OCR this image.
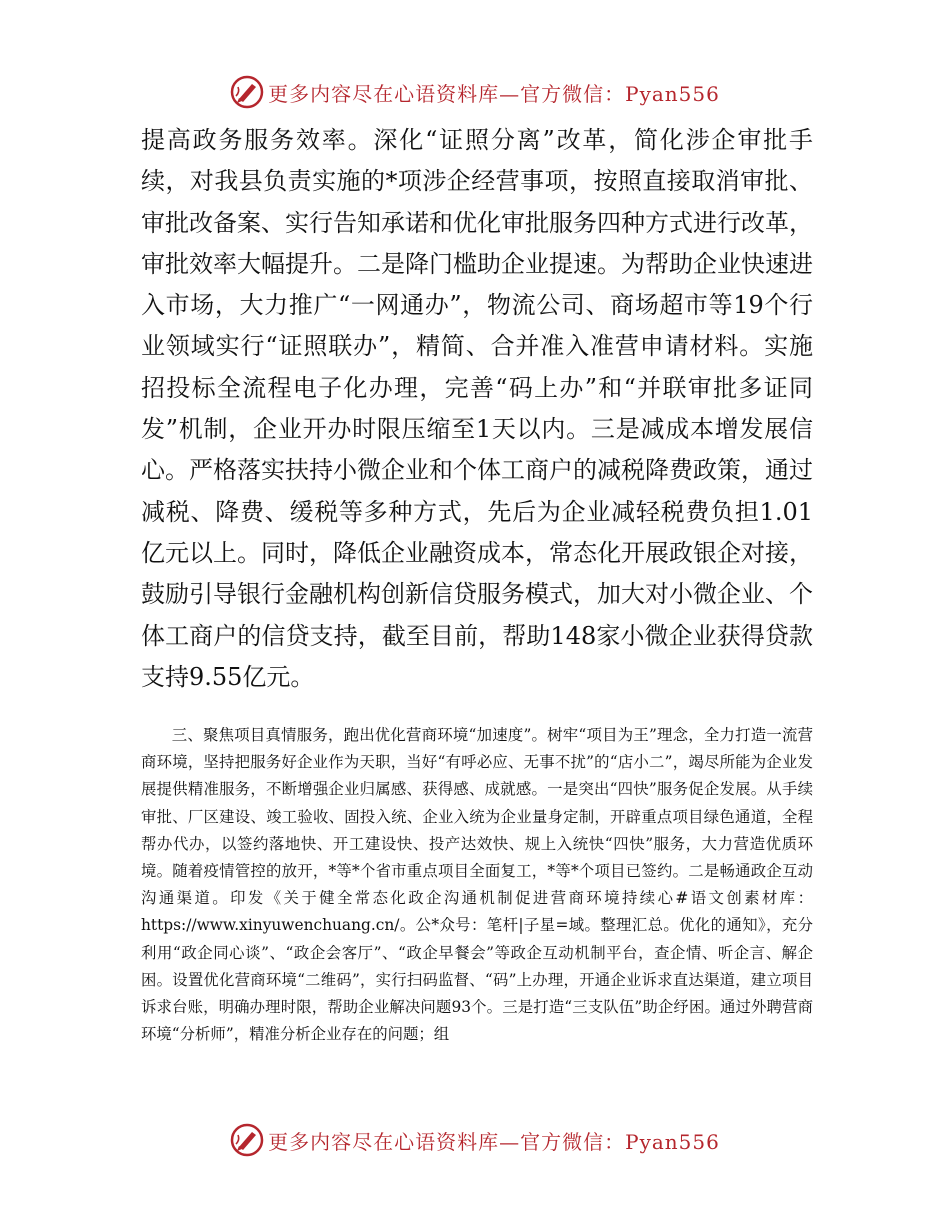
更多内容尽在心语资料库—官方微信：Pyan556

提高政务服务效率。深化“证照分离”改革，简化涉企审批手续，对我县负责实施的*项涉企经营事项，按照直接取消审批、审批改备案、实行告知承诺和优化审批服务四种方式进行改革，审批效率大幅提升。二是降门槛助企业提速。为帮助企业快速进入市场，大力推广“一网通办”，物流公司、商场超市等19个行业领域实行“证照联办”，精简、合并准入准营申请材料。实施招投标全流程电子化办理，完善“码上办”和“并联审批多证同发”机制，企业开办时限压缩至1天以内。三是减成本增发展信心。严格落实扶持小微企业和个体工商户的减税降费政策，通过减税、降费、缓税等多种方式，先后为企业减轻税费负担1.01亿元以上。同时，降低企业融资成本，常态化开展政银企对接，鼓励引导银行金融机构创新信贷服务模式，加大对小微企业、个体工商户的信贷支持，截至目前，帮助148家小微企业获得贷款支持9.55亿元。

三、聚焦项目真情服务，跑出优化营商环境“加速度”。树牢“项目为王”理念，全力打造一流营商环境，坚持把服务好企业作为天职，当好“有呼必应、无事不扰”的“店小二”，竭尽所能为企业发展提供精准服务，不断增强企业归属感、获得感、成就感。一是突出“四快”服务促企发展。从手续审批、厂区建设、竣工验收、固投入统、企业入统为企业量身定制，开辟重点项目绿色通道，全程帮办代办，以签约落地快、开工建设快、投产达效快、规上入统快“四快”服务，大力营造优质环境。随着疫情管控的放开，*等*个省市重点项目全面复工，*等*个项目已签约。二是畅通政企互动沟通渠道。印发《关于健全常态化政企沟通机制促进营商环境持续心#语文创素材库：https://www.xinyuwenchuang.cn/。公*众号：笔杆|子星=域。整理汇总。优化的通知》，充分利用“政企同心谈”、“政企会客厅”、“政企早餐会”等政企互动机制平台，查企情、听企言、解企困。设置优化营商环境“二维码”，实行扫码监督、“码”上办理，开通企业诉求直达渠道，建立项目诉求台账，明确办理时限，帮助企业解决问题93个。三是打造“三支队伍”助企纾困。通过外聘营商环境“分析师”，精准分析企业存在的问题；组

更多内容尽在心语资料库—官方微信：Pyan556
